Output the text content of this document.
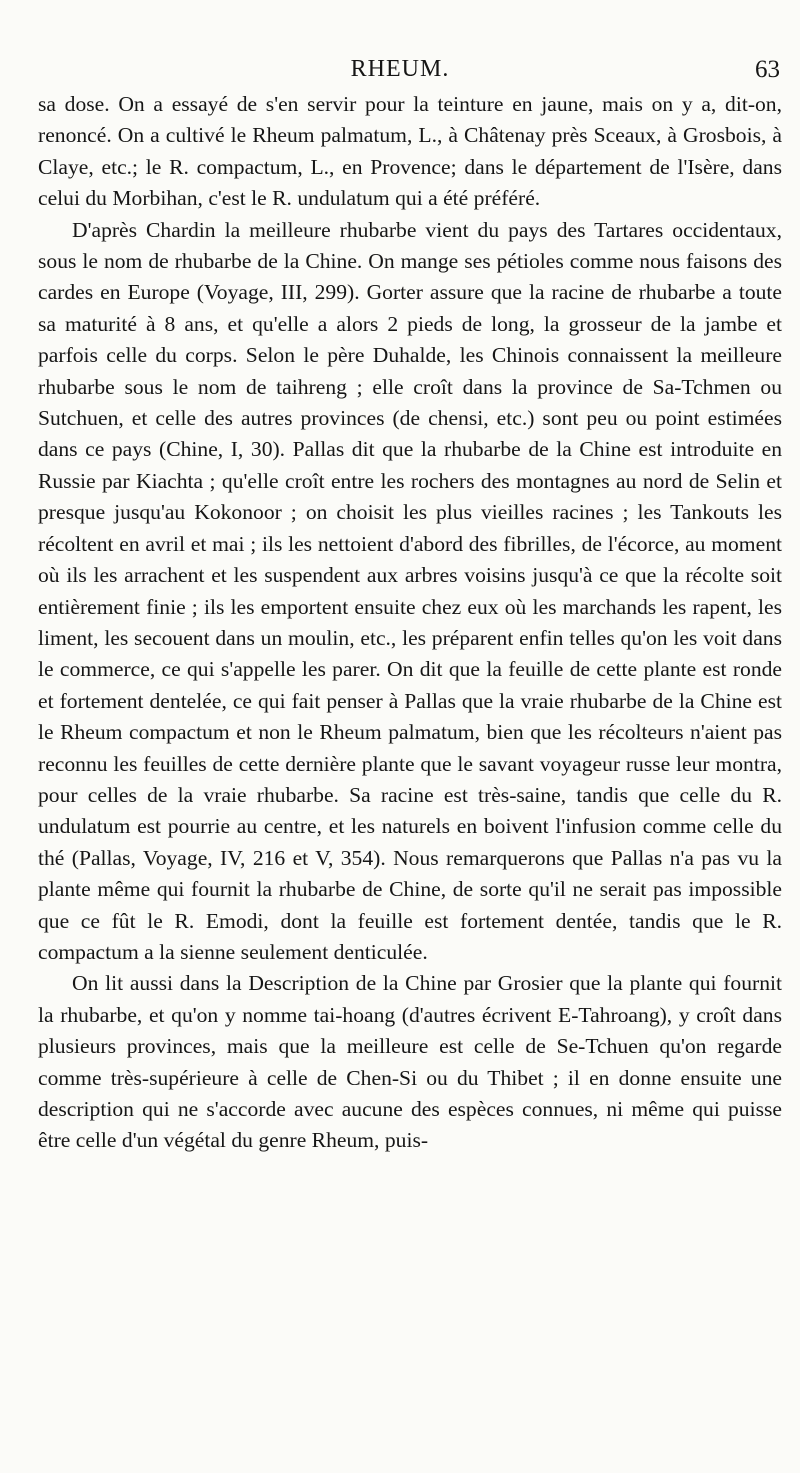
RHEUM.	63

sa dose. On a essayé de s'en servir pour la teinture en jaune, mais on y a, dit-on, renoncé. On a cultivé le Rheum palmatum, L., à Châtenay près Sceaux, à Grosbois, à Claye, etc.; le R. compactum, L., en Provence; dans le département de l'Isère, dans celui du Morbihan, c'est le R. undulatum qui a été préféré.

D'après Chardin la meilleure rhubarbe vient du pays des Tartares occidentaux, sous le nom de rhubarbe de la Chine. On mange ses pétioles comme nous faisons des cardes en Europe (Voyage, III, 299). Gorter assure que la racine de rhubarbe a toute sa maturité à 8 ans, et qu'elle a alors 2 pieds de long, la grosseur de la jambe et parfois celle du corps. Selon le père Duhalde, les Chinois connaissent la meilleure rhubarbe sous le nom de taihreng ; elle croît dans la province de Sa-Tchmen ou Sutchuen, et celle des autres provinces (de chensi, etc.) sont peu ou point estimées dans ce pays (Chine, I, 30). Pallas dit que la rhubarbe de la Chine est introduite en Russie par Kiachta ; qu'elle croît entre les rochers des montagnes au nord de Selin et presque jusqu'au Kokonoor ; on choisit les plus vieilles racines ; les Tankouts les récoltent en avril et mai ; ils les nettoient d'abord des fibrilles, de l'écorce, au moment où ils les arrachent et les suspendent aux arbres voisins jusqu'à ce que la récolte soit entièrement finie ; ils les emportent ensuite chez eux où les marchands les rapent, les liment, les secouent dans un moulin, etc., les préparent enfin telles qu'on les voit dans le commerce, ce qui s'appelle les parer. On dit que la feuille de cette plante est ronde et fortement dentelée, ce qui fait penser à Pallas que la vraie rhubarbe de la Chine est le Rheum compactum et non le Rheum palmatum, bien que les récolteurs n'aient pas reconnu les feuilles de cette dernière plante que le savant voyageur russe leur montra, pour celles de la vraie rhubarbe. Sa racine est très-saine, tandis que celle du R. undulatum est pourrie au centre, et les naturels en boivent l'infusion comme celle du thé (Pallas, Voyage, IV, 216 et V, 354). Nous remarquerons que Pallas n'a pas vu la plante même qui fournit la rhubarbe de Chine, de sorte qu'il ne serait pas impossible que ce fût le R. Emodi, dont la feuille est fortement dentée, tandis que le R. compactum a la sienne seulement denticulée.

On lit aussi dans la Description de la Chine par Grosier que la plante qui fournit la rhubarbe, et qu'on y nomme tai-hoang (d'autres écrivent E-Tahroang), y croît dans plusieurs provinces, mais que la meilleure est celle de Se-Tchuen qu'on regarde comme très-supérieure à celle de Chen-Si ou du Thibet ; il en donne ensuite une description qui ne s'accorde avec aucune des espèces connues, ni même qui puisse être celle d'un végétal du genre Rheum, puis-
